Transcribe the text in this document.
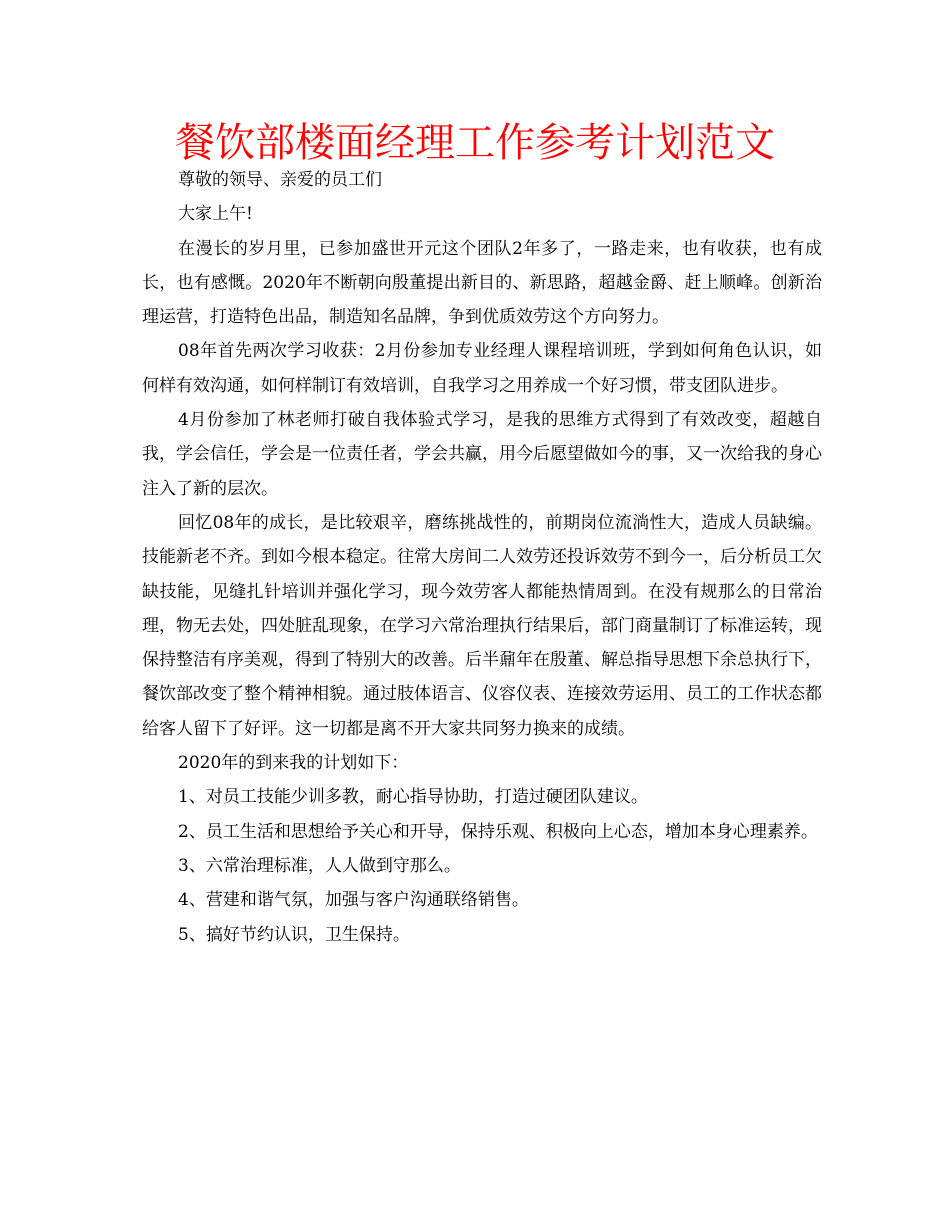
餐饮部楼面经理工作参考计划范文

尊敬的领导、亲爱的员工们

大家上午!

在漫长的岁月里，已参加盛世开元这个团队2年多了，一路走来，也有收获，也有成长，也有感慨。2020年不断朝向殷董提出新目的、新思路，超越金爵、赶上顺峰。创新治理运营，打造特色出品，制造知名品牌，争到优质效劳这个方向努力。

08年首先两次学习收获：2月份参加专业经理人课程培训班，学到如何角色认识，如何样有效沟通，如何样制订有效培训，自我学习之用养成一个好习惯，带支团队进步。

4月份参加了林老师打破自我体验式学习，是我的思维方式得到了有效改变，超越自我，学会信任，学会是一位责任者，学会共赢，用今后愿望做如今的事，又一次给我的身心注入了新的层次。

回忆08年的成长，是比较艰辛，磨练挑战性的，前期岗位流淌性大，造成人员缺编。技能新老不齐。到如今根本稳定。往常大房间二人效劳还投诉效劳不到今一，后分析员工欠缺技能，见缝扎针培训并强化学习，现今效劳客人都能热情周到。在没有规那么的日常治理，物无去处，四处脏乱现象，在学习六常治理执行结果后，部门商量制订了标准运转，现保持整洁有序美观，得到了特别大的改善。后半鼐年在殷董、解总指导思想下余总执行下，餐饮部改变了整个精神相貌。通过肢体语言、仪容仪表、连接效劳运用、员工的工作状态都给客人留下了好评。这一切都是离不开大家共同努力换来的成绩。

2020年的到来我的计划如下：

1、对员工技能少训多教，耐心指导协助，打造过硬团队建议。

2、员工生活和思想给予关心和开导，保持乐观、积极向上心态，增加本身心理素养。

3、六常治理标准，人人做到守那么。

4、营建和谐气氛，加强与客户沟通联络销售。

5、搞好节约认识，卫生保持。
